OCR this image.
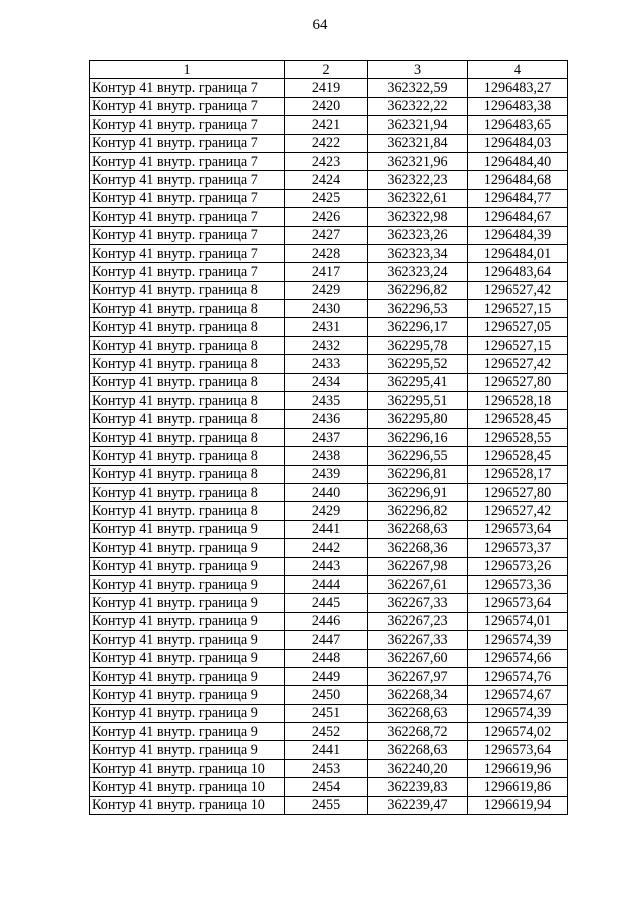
64
1	2	3	4
Контур 41 внутр. граница 7	2419	362322,59	1296483,27
Контур 41 внутр. граница 7	2420	362322,22	1296483,38
Контур 41 внутр. граница 7	2421	362321,94	1296483,65
Контур 41 внутр. граница 7	2422	362321,84	1296484,03
Контур 41 внутр. граница 7	2423	362321,96	1296484,40
Контур 41 внутр. граница 7	2424	362322,23	1296484,68
Контур 41 внутр. граница 7	2425	362322,61	1296484,77
Контур 41 внутр. граница 7	2426	362322,98	1296484,67
Контур 41 внутр. граница 7	2427	362323,26	1296484,39
Контур 41 внутр. граница 7	2428	362323,34	1296484,01
Контур 41 внутр. граница 7	2417	362323,24	1296483,64
Контур 41 внутр. граница 8	2429	362296,82	1296527,42
Контур 41 внутр. граница 8	2430	362296,53	1296527,15
Контур 41 внутр. граница 8	2431	362296,17	1296527,05
Контур 41 внутр. граница 8	2432	362295,78	1296527,15
Контур 41 внутр. граница 8	2433	362295,52	1296527,42
Контур 41 внутр. граница 8	2434	362295,41	1296527,80
Контур 41 внутр. граница 8	2435	362295,51	1296528,18
Контур 41 внутр. граница 8	2436	362295,80	1296528,45
Контур 41 внутр. граница 8	2437	362296,16	1296528,55
Контур 41 внутр. граница 8	2438	362296,55	1296528,45
Контур 41 внутр. граница 8	2439	362296,81	1296528,17
Контур 41 внутр. граница 8	2440	362296,91	1296527,80
Контур 41 внутр. граница 8	2429	362296,82	1296527,42
Контур 41 внутр. граница 9	2441	362268,63	1296573,64
Контур 41 внутр. граница 9	2442	362268,36	1296573,37
Контур 41 внутр. граница 9	2443	362267,98	1296573,26
Контур 41 внутр. граница 9	2444	362267,61	1296573,36
Контур 41 внутр. граница 9	2445	362267,33	1296573,64
Контур 41 внутр. граница 9	2446	362267,23	1296574,01
Контур 41 внутр. граница 9	2447	362267,33	1296574,39
Контур 41 внутр. граница 9	2448	362267,60	1296574,66
Контур 41 внутр. граница 9	2449	362267,97	1296574,76
Контур 41 внутр. граница 9	2450	362268,34	1296574,67
Контур 41 внутр. граница 9	2451	362268,63	1296574,39
Контур 41 внутр. граница 9	2452	362268,72	1296574,02
Контур 41 внутр. граница 9	2441	362268,63	1296573,64
Контур 41 внутр. граница 10	2453	362240,20	1296619,96
Контур 41 внутр. граница 10	2454	362239,83	1296619,86
Контур 41 внутр. граница 10	2455	362239,47	1296619,94
